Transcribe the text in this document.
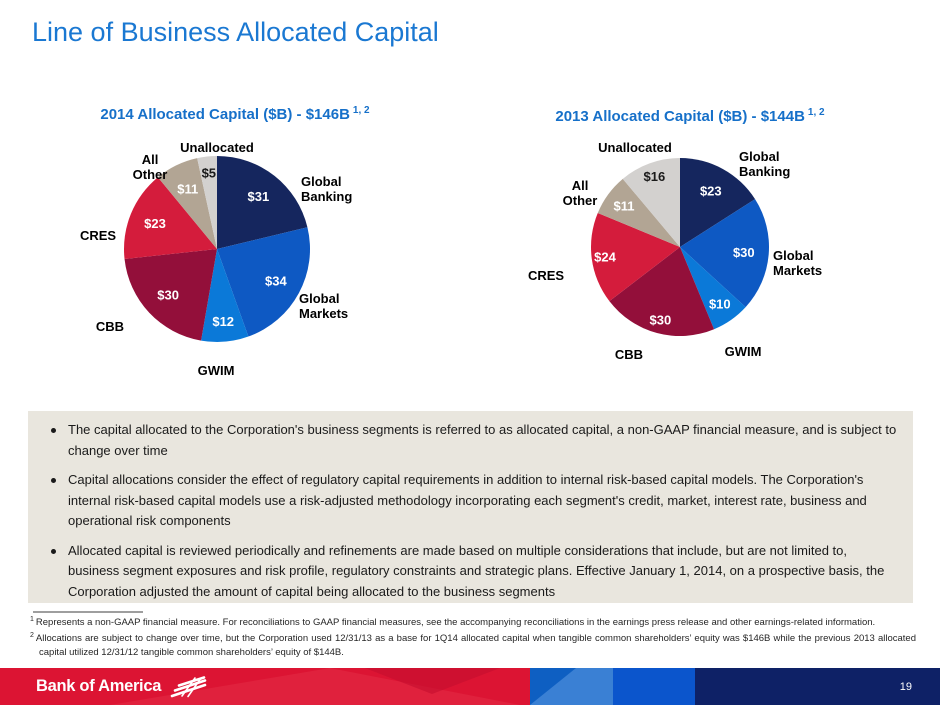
Line of Business Allocated Capital
2014 Allocated Capital ($B) - $146B $^{1, 2}$	2013 Allocated Capital ($B) - $144B $^{1, 2}$
$31
Global Banking
$34
Global Markets
$12
GWIM
$30
CBB
$23
CRES
$11
All Other	$5
Unallocated
$23
Global Banking
$30 Global Markets
$10
GWIM
$30
CBB
$24
CRES
$11
All Other
$16
Unallocated
The capital allocated to the Corporation's business segments is referred to as allocated capital, a non-GAAP financial measure, and is subject to change over time
Capital allocations consider the effect of regulatory capital requirements in addition to internal risk-based capital models. The Corporation's internal risk-based capital models use a risk-adjusted methodology incorporating each segment's credit, market, interest rate, business and operational risk components
Allocated capital is reviewed periodically and refinements are made based on multiple considerations that include, but are not limited to, business segment exposures and risk profile, regulatory constraints and strategic plans. Effective January 1, 2014, on a prospective basis, the Corporation adjusted the amount of capital being allocated to the business segments

$^1$ Represents a non-GAAP financial measure. For reconciliations to GAAP financial measures, see the accompanying reconciliations in the earnings press release and other earnings-related information.

$^2$ Allocations are subject to change over time, but the Corporation used 12/31/13 as a base for 1Q14 allocated capital when tangible common shareholders’ equity was $146B while the previous 2013 allocated capital utilized 12/31/12 tangible common shareholders’ equity of $144B.

Bank of America	19
